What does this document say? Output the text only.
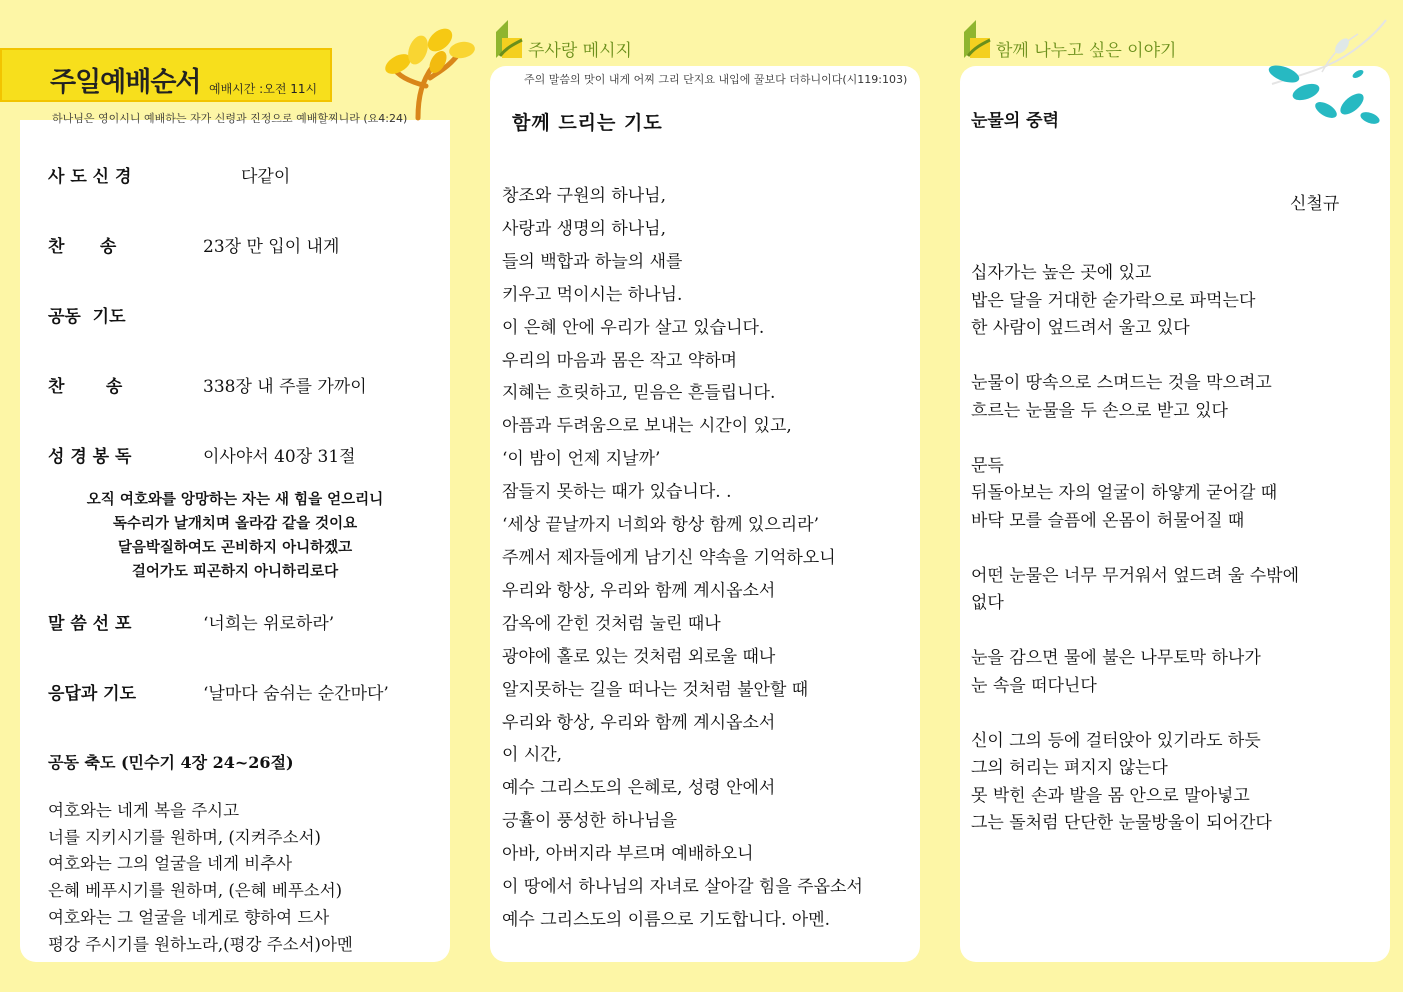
주일예배순서 예배시간 :오전 11시
하나님은 영이시니 예배하는 자가 신령과 진정으로 예배할찌니라 (요4:24)
사 도 신 경	다같이
찬      송	23장 만 입이 내게
공동  기도
찬       송	338장 내 주를 가까이
성 경 봉 독	이사야서 40장 31절
오직 여호와를 앙망하는 자는 새 힘을 얻으리니
독수리가 날개치며 올라감 같을 것이요
달음박질하여도 곤비하지 아니하겠고
걸어가도 피곤하지 아니하리로다
말 씀 선 포	‘너희는 위로하라’
응답과 기도	‘날마다 숨쉬는 순간마다’
공동 축도 (민수기 4장 24~26절)
여호와는 네게 복을 주시고
너를 지키시기를 원하며, (지켜주소서)
여호와는 그의 얼굴을 네게 비추사
은혜 베푸시기를 원하며, (은혜 베푸소서)
여호와는 그 얼굴을 네게로 향하여 드사
평강 주시기를 원하노라,(평강 주소서)아멘
주사랑 메시지
주의 말씀의 맛이 내게 어찌 그리 단지요 내입에 꿀보다 더하니이다(시119:103)
함께 드리는 기도
창조와 구원의 하나님,
사랑과 생명의 하나님,
들의 백합과 하늘의 새를
키우고 먹이시는 하나님.
이 은혜 안에 우리가 살고 있습니다.
우리의 마음과 몸은 작고 약하며
지혜는 흐릿하고, 믿음은 흔들립니다.
아픔과 두려움으로 보내는 시간이 있고,
‘이 밤이 언제 지날까’
잠들지 못하는 때가 있습니다. .
‘세상 끝날까지 너희와 항상 함께 있으리라’
주께서 제자들에게 남기신 약속을 기억하오니
우리와 항상, 우리와 함께 계시옵소서
감옥에 갇힌 것처럼 눌린 때나
광야에 홀로 있는 것처럼 외로울 때나
알지못하는 길을 떠나는 것처럼 불안할 때
우리와 항상, 우리와 함께 계시옵소서
이 시간,
예수 그리스도의 은혜로, 성령 안에서
긍휼이 풍성한 하나님을
아바, 아버지라 부르며 예배하오니
이 땅에서 하나님의 자녀로 살아갈 힘을 주옵소서
예수 그리스도의 이름으로 기도합니다. 아멘.
함께 나누고 싶은 이야기
눈물의 중력
신철규
십자가는 높은 곳에 있고
밥은 달을 거대한 숟가락으로 파먹는다
한 사람이 엎드려서 울고 있다
눈물이 땅속으로 스며드는 것을 막으려고
흐르는 눈물을 두 손으로 받고 있다
문득
뒤돌아보는 자의 얼굴이 하얗게 굳어갈 때
바닥 모를 슬픔에 온몸이 허물어질 때
어떤 눈물은 너무 무거워서 엎드려 울 수밖에
없다
눈을 감으면 물에 불은 나무토막 하나가
눈 속을 떠다닌다
신이 그의 등에 걸터앉아 있기라도 하듯
그의 허리는 펴지지 않는다
못 박힌 손과 발을 몸 안으로 말아넣고
그는 돌처럼 단단한 눈물방울이 되어간다
